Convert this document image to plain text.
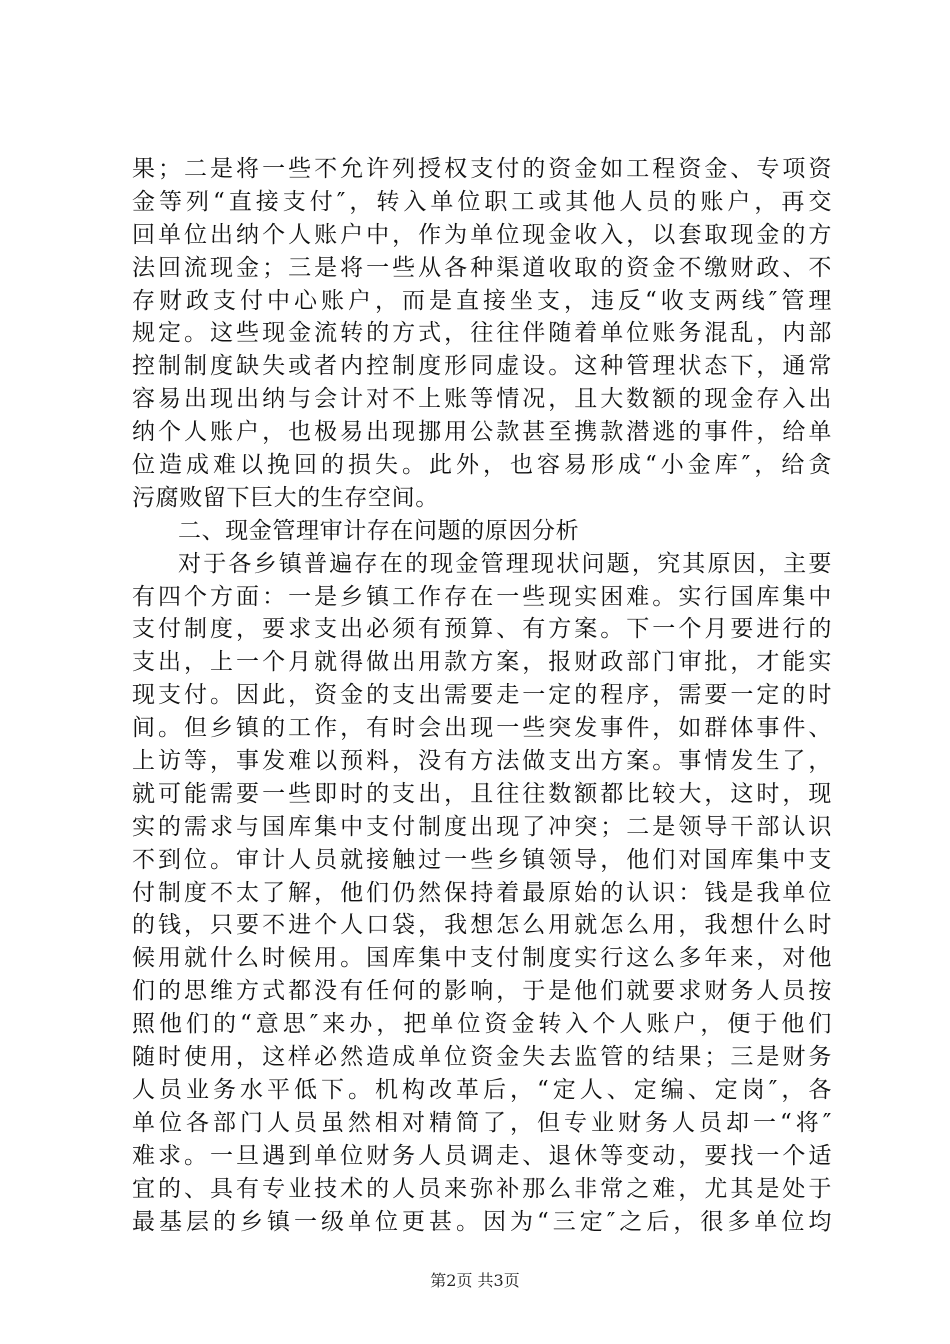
果；二是将一些不允许列授权支付的资金如工程资金、专项资
金等列“直接支付″，转入单位职工或其他人员的账户，再交
回单位出纳个人账户中，作为单位现金收入，以套取现金的方
法回流现金；三是将一些从各种渠道收取的资金不缴财政、不
存财政支付中心账户，而是直接坐支，违反“收支两线″管理
规定。这些现金流转的方式，往往伴随着单位账务混乱，内部
控制制度缺失或者内控制度形同虚设。这种管理状态下，通常
容易出现出纳与会计对不上账等情况，且大数额的现金存入出
纳个人账户，也极易出现挪用公款甚至携款潜逃的事件，给单
位造成难以挽回的损失。此外，也容易形成“小金库″，给贪
污腐败留下巨大的生存空间。
二、现金管理审计存在问题的原因分析
对于各乡镇普遍存在的现金管理现状问题，究其原因，主要
有四个方面：一是乡镇工作存在一些现实困难。实行国库集中
支付制度，要求支出必须有预算、有方案。下一个月要进行的
支出，上一个月就得做出用款方案，报财政部门审批，才能实
现支付。因此，资金的支出需要走一定的程序，需要一定的时
间。但乡镇的工作，有时会出现一些突发事件，如群体事件、
上访等，事发难以预料，没有方法做支出方案。事情发生了，
就可能需要一些即时的支出，且往往数额都比较大，这时，现
实的需求与国库集中支付制度出现了冲突；二是领导干部认识
不到位。审计人员就接触过一些乡镇领导，他们对国库集中支
付制度不太了解，他们仍然保持着最原始的认识：钱是我单位
的钱，只要不进个人口袋，我想怎么用就怎么用，我想什么时
候用就什么时候用。国库集中支付制度实行这么多年来，对他
们的思维方式都没有任何的影响，于是他们就要求财务人员按
照他们的“意思″来办，把单位资金转入个人账户，便于他们
随时使用，这样必然造成单位资金失去监管的结果；三是财务
人员业务水平低下。机构改革后，“定人、定编、定岗″，各
单位各部门人员虽然相对精简了，但专业财务人员却一“将″
难求。一旦遇到单位财务人员调走、退休等变动，要找一个适
宜的、具有专业技术的人员来弥补那么非常之难，尤其是处于
最基层的乡镇一级单位更甚。因为“三定″之后，很多单位均
第2页 共3页
